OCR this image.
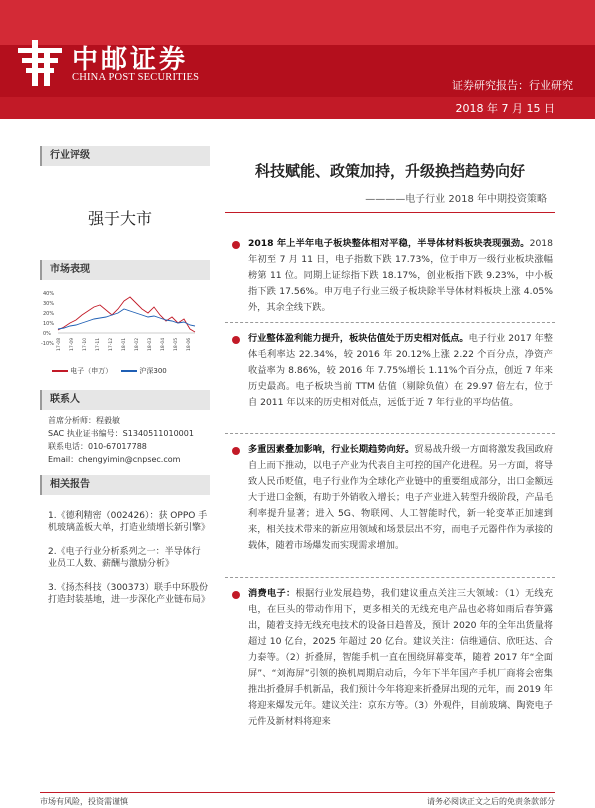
中邮证券
CHINA POST SECURITIES
证券研究报告：行业研究
2018 年 7 月 15 日
行业评级
强于大市
市场表现
40%
30%
20%
10%
0%
-10% 17-08 17-09 17-10 17-11 17-12 18-01 18-02 18-03 18-04 18-05 18-06
电子（申万）	沪深300
联系人
首席分析师：程毅敏
SAC 执业证书编号：S1340511010001
联系电话：010-67017788
Email：chengyimin@cnpsec.com
相关报告
1.《德利精密（002426）：获 OPPO 手机玻璃盖板大单，打造业绩增长新引擎》
2.《电子行业分析系列之一：半导体行业员工人数、薪酬与激励分析》
3.《扬杰科技（300373）联手中环股份打造封装基地，进一步深化产业链布局》
科技赋能、政策加持，升级换挡趋势向好
————电子行业 2018 年中期投资策略
2018 年上半年电子板块整体相对平稳，半导体材料板块表现强劲。2018 年初至 7 月 11 日，电子指数下跌 17.73%，位于申万一级行业板块涨幅榜第 11 位。同期上证综指下跌 18.17%，创业板指下跌 9.23%，中小板指下跌 17.56%。申万电子行业三级子板块除半导体材料板块上涨 4.05%外，其余全线下跌。
行业整体盈利能力提升，板块估值处于历史相对低点。电子行业 2017 年整体毛利率达 22.34%，较 2016 年 20.12%上涨 2.22 个百分点，净资产收益率为 8.86%，较 2016 年 7.75%增长 1.11%个百分点，创近 7 年来历史最高。电子板块当前 TTM 估值（剔除负值）在 29.97 倍左右，位于自 2011 年以来的历史相对低点，远低于近 7 年行业的平均估值。
多重因素叠加影响，行业长期趋势向好。贸易战升级一方面将激发我国政府自上而下推动，以电子产业为代表自主可控的国产化进程。另一方面，将导致人民币贬值，电子行业作为全球化产业链中的重要组成部分，出口金额远大于进口金额，有助于外销收入增长；电子产业进入转型升级阶段，产品毛利率提升显著；进入 5G、物联网、人工智能时代，新一轮变革正加速到来，相关技术带来的新应用领域和场景层出不穷，而电子元器件作为承接的载体，随着市场爆发而实现需求增加。
消费电子：根据行业发展趋势，我们建议重点关注三大领域：（1）无线充电，在巨头的带动作用下，更多相关的无线充电产品也必将如雨后春笋露出，随着支持无线充电技术的设备日趋普及，预计 2020 年的全年出货量将超过 10 亿台，2025 年超过 20 亿台。建议关注：信维通信、欣旺达、合力泰等。（2）折叠屏，智能手机一直在围绕屏幕变革，随着 2017 年“全面屏”、“刘海屏”引领的换机周期启动后，今年下半年国产手机厂商将会密集推出折叠屏手机新品，我们预计今年将迎来折叠屏出现的元年，而 2019 年将迎来爆发元年。建议关注：京东方等。（3）外观件，目前玻璃、陶瓷电子元件及新材料将迎来
市场有风险，投资需谨慎	请务必阅读正文之后的免责条款部分
